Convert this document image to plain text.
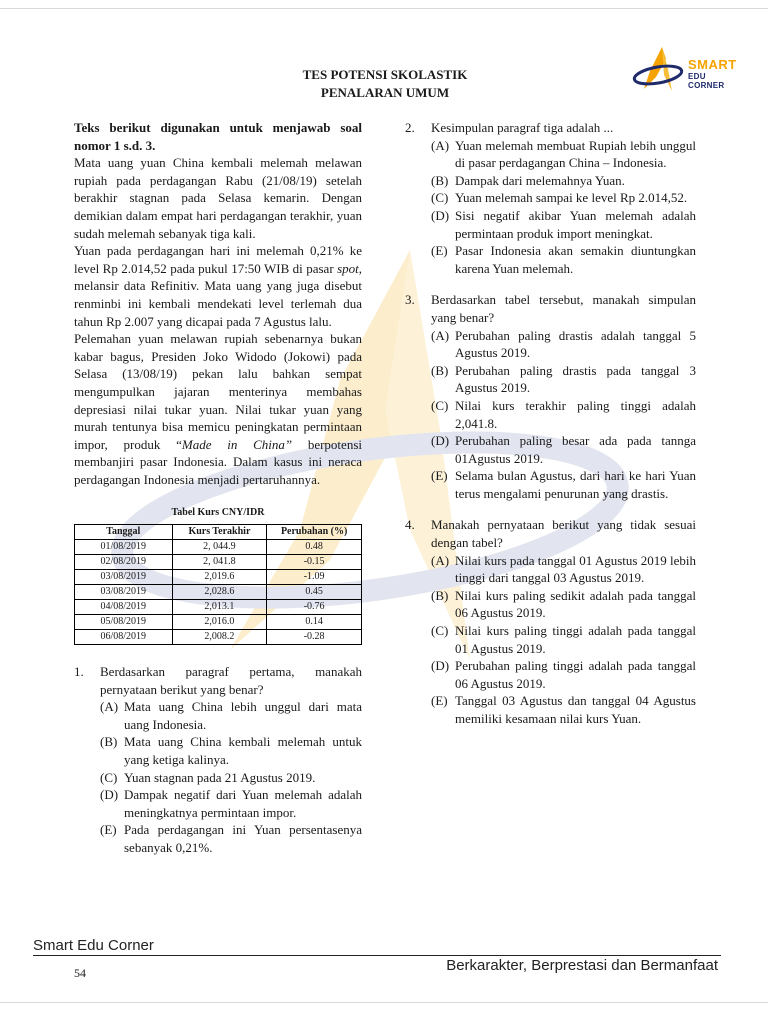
SMART
EDU CORNER
TES POTENSI SKOLASTIK
PENALARAN UMUM
Teks berikut digunakan untuk menjawab soal nomor 1 s.d. 3.

Mata uang yuan China kembali melemah melawan rupiah pada perdagangan Rabu (21/08/19) setelah berakhir stagnan pada Selasa kemarin. Dengan demikian dalam empat hari perdagangan terakhir, yuan sudah melemah sebanyak tiga kali.

Yuan pada perdagangan hari ini melemah 0,21% ke level Rp 2.014,52 pada pukul 17:50 WIB di pasar spot, melansir data Refinitiv. Mata uang yang juga disebut renminbi ini kembali mendekati level terlemah dua tahun Rp 2.007 yang dicapai pada 7 Agustus lalu.

Pelemahan yuan melawan rupiah sebenarnya bukan kabar bagus, Presiden Joko Widodo (Jokowi) pada Selasa (13/08/19) pekan lalu bahkan sempat mengumpulkan jajaran menterinya membahas depresiasi nilai tukar yuan. Nilai tukar yuan yang murah tentunya bisa memicu peningkatan permintaan impor, produk “Made in China” berpotensi membanjiri pasar Indonesia. Dalam kasus ini neraca perdagangan Indonesia menjadi pertaruhannya.

Tabel Kurs CNY/IDR
Tanggal	Kurs Terakhir	Perubahan (%)
01/08/2019	2, 044.9	0.48
02/08/2019	2, 041.8	-0.15
03/08/2019	2,019.6	-1.09
03/08/2019	2,028.6	0.45
04/08/2019	2,013.1	-0.76
05/08/2019	2,016.0	0.14
06/08/2019	2,008.2	-0.28
1.	Berdasarkan paragraf pertama, manakah pernyataan berikut yang benar?
(A) Mata uang China lebih unggul dari mata uang Indonesia.
(B) Mata uang China kembali melemah untuk yang ketiga kalinya.
(C) Yuan stagnan pada 21 Agustus 2019.
(D) Dampak negatif dari Yuan melemah adalah meningkatnya permintaan impor.
(E) Pada perdagangan ini Yuan persentasenya sebanyak 0,21%.
2.	Kesimpulan paragraf tiga adalah ...
(A) Yuan melemah membuat Rupiah lebih unggul di pasar perdagangan China – Indonesia.
(B) Dampak dari melemahnya Yuan.
(C) Yuan melemah sampai ke level Rp 2.014,52.
(D) Sisi negatif akibar Yuan melemah adalah permintaan produk import meningkat.
(E) Pasar Indonesia akan semakin diuntungkan karena Yuan melemah.
3.	Berdasarkan tabel tersebut, manakah simpulan yang benar?
(A) Perubahan paling drastis adalah tanggal 5 Agustus 2019.
(B) Perubahan paling drastis pada tanggal 3 Agustus 2019.
(C) Nilai kurs terakhir paling tinggi adalah 2,041.8.
(D) Perubahan paling besar ada pada tannga 01Agustus 2019.
(E) Selama bulan Agustus, dari hari ke hari Yuan terus mengalami penurunan yang drastis.
4.	Manakah pernyataan berikut yang tidak sesuai dengan tabel?
(A) Nilai kurs pada tanggal 01 Agustus 2019 lebih tinggi dari tanggal 03 Agustus 2019.
(B) Nilai kurs paling sedikit adalah pada tanggal 06 Agustus 2019.
(C) Nilai kurs paling tinggi adalah pada tanggal 01 Agustus 2019.
(D) Perubahan paling tinggi adalah pada tanggal 06 Agustus 2019.
(E) Tanggal 03 Agustus dan tanggal 04 Agustus memiliki kesamaan nilai kurs Yuan.
Smart Edu Corner
Berkarakter, Berprestasi dan Bermanfaat
54
